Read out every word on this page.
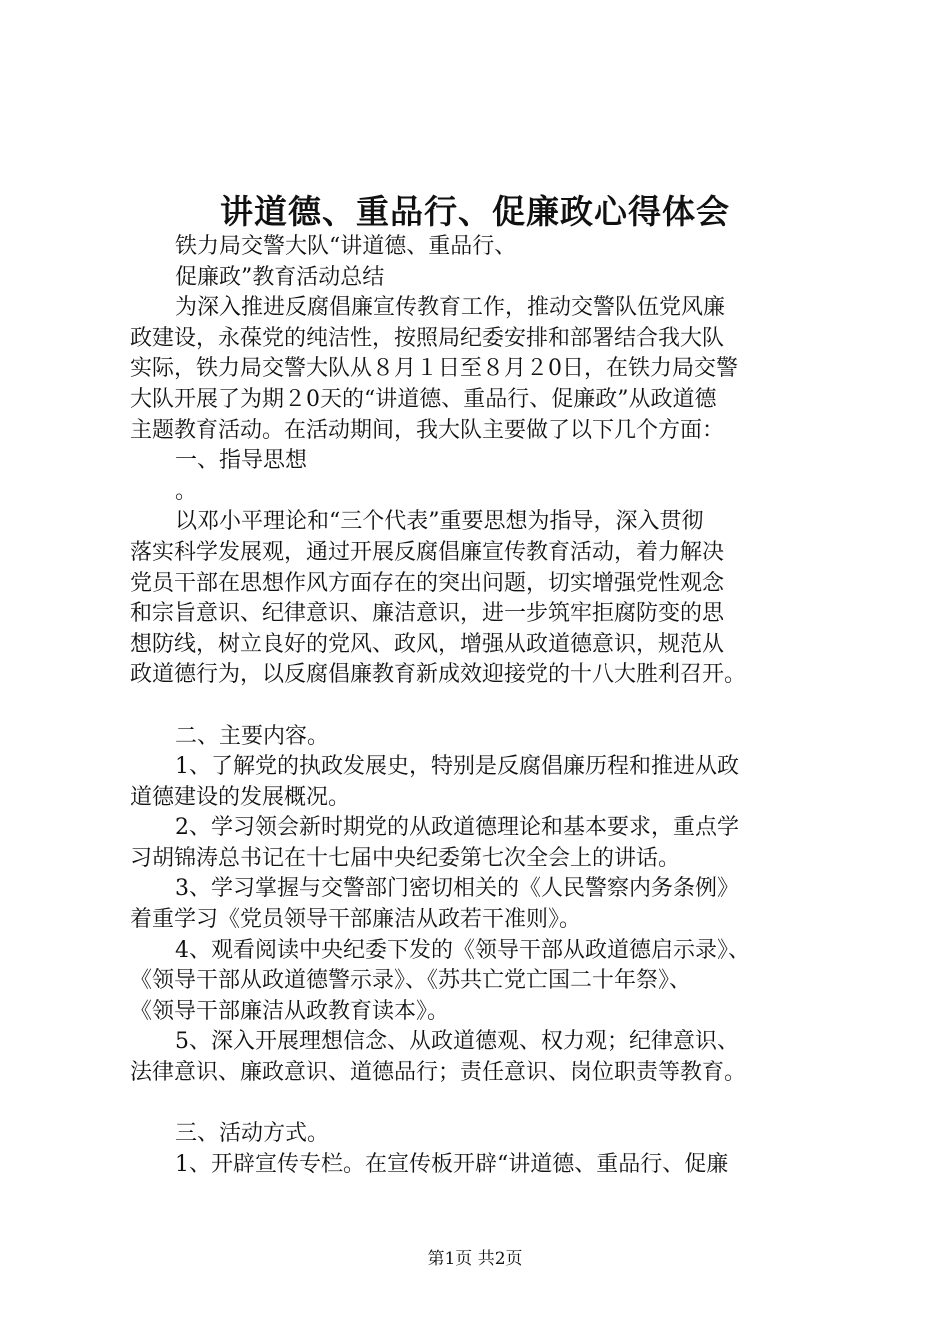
讲道德、重品行、促廉政心得体会
铁力局交警大队“讲道德、重品行、
促廉政”教育活动总结
为深入推进反腐倡廉宣传教育工作，推动交警队伍党风廉
政建设，永葆党的纯洁性，按照局纪委安排和部署结合我大队
实际，铁力局交警大队从８月１日至８月２0日，在铁力局交警
大队开展了为期２0天的“讲道德、重品行、促廉政”从政道德
主题教育活动。在活动期间，我大队主要做了以下几个方面：
一、指导思想
。
以邓小平理论和“三个代表”重要思想为指导，深入贯彻
落实科学发展观，通过开展反腐倡廉宣传教育活动，着力解决
党员干部在思想作风方面存在的突出问题，切实增强党性观念
和宗旨意识、纪律意识、廉洁意识，进一步筑牢拒腐防变的思
想防线，树立良好的党风、政风，增强从政道德意识，规范从
政道德行为，以反腐倡廉教育新成效迎接党的十八大胜利召开。
二、主要内容。
1、了解党的执政发展史，特别是反腐倡廉历程和推进从政
道德建设的发展概况。
2、学习领会新时期党的从政道德理论和基本要求，重点学
习胡锦涛总书记在十七届中央纪委第七次全会上的讲话。
3、学习掌握与交警部门密切相关的《人民警察内务条例》
着重学习《党员领导干部廉洁从政若干准则》。
4、观看阅读中央纪委下发的《领导干部从政道德启示录》、
《领导干部从政道德警示录》、《苏共亡党亡国二十年祭》、
《领导干部廉洁从政教育读本》。
5、深入开展理想信念、从政道德观、权力观；纪律意识、
法律意识、廉政意识、道德品行；责任意识、岗位职责等教育。
三、活动方式。
1、开辟宣传专栏。在宣传板开辟“讲道德、重品行、促廉
第1页 共2页
